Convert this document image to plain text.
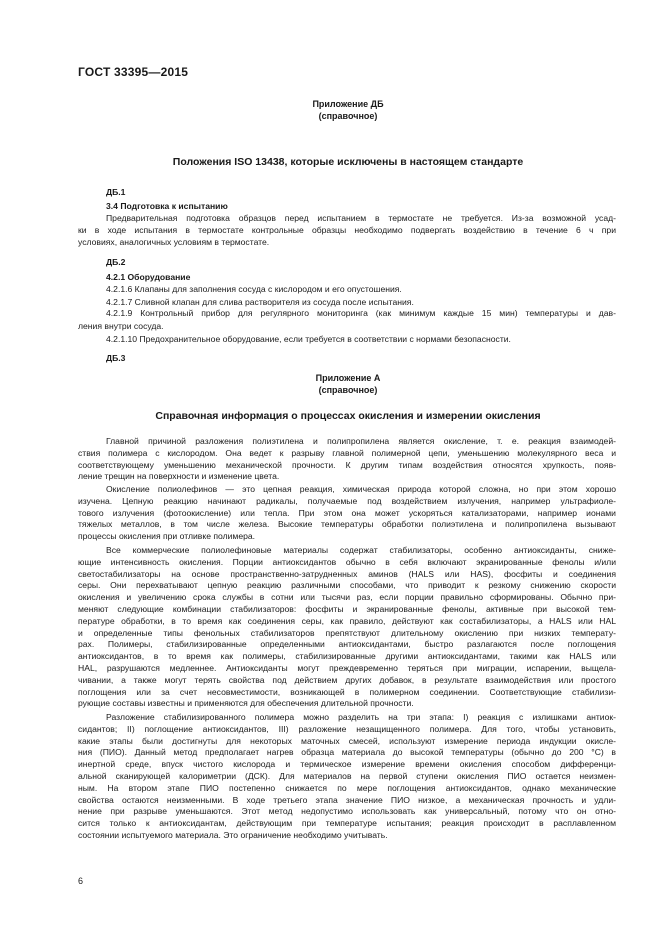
ГОСТ 33395—2015
Приложение ДБ
(справочное)
Положения ISO 13438, которые исключены в настоящем стандарте
ДБ.1
3.4 Подготовка к испытанию

Предварительная подготовка образцов перед испытанием в термостате не требуется. Из-за возможной усад-
ки в ходе испытания в термостате контрольные образцы необходимо подвергать воздействию в течение 6 ч при
условиях, аналогичных условиям в термостате.

ДБ.2
4.2.1 Оборудование
4.2.1.6 Клапаны для заполнения сосуда с кислородом и его опустошения.
4.2.1.7 Сливной клапан для слива растворителя из сосуда после испытания.

4.2.1.9 Контрольный прибор для регулярного мониторинга (как минимум каждые 15 мин) температуры и дав-

ления внутри сосуда.
4.2.1.10 Предохранительное оборудование, если требуется в соответствии с нормами безопасности.
ДБ.3
Приложение А
(справочное)
Справочная информация о процессах окисления и измерении окисления

Главной причиной разложения полиэтилена и полипропилена является окисление, т. е. реакция взаимодей-
ствия полимера с кислородом. Она ведет к разрыву главной полимерной цепи, уменьшению молекулярного веса и
соответствующему уменьшению механической прочности. К другим типам воздействия относятся хрупкость, появ-
ление трещин на поверхности и изменение цвета.

Окисление полиолефинов — это цепная реакция, химическая природа которой сложна, но при этом хорошо
изучена. Цепную реакцию начинают радикалы, получаемые под воздействием излучения, например ультрафиоле-
тового излучения (фотоокисление) или тепла. При этом она может ускоряться катализаторами, например ионами
тяжелых металлов, в том числе железа. Высокие температуры обработки полиэтилена и полипропилена вызывают
процессы окисления при отливке полимера.

Все коммерческие полиолефиновые материалы содержат стабилизаторы, особенно антиоксиданты, сниже-
ющие интенсивность окисления. Порции антиоксидантов обычно в себя включают экранированные фенолы и/или
светостабилизаторы на основе пространственно-затрудненных аминов (HALS или HAS), фосфиты и соединения
серы. Они перехватывают цепную реакцию различными способами, что приводит к резкому снижению скорости
окисления и увеличению срока службы в сотни или тысячи раз, если порции правильно сформированы. Обычно при-
меняют следующие комбинации стабилизаторов: фосфиты и экранированные фенолы, активные при высокой тем-
пературе обработки, в то время как соединения серы, как правило, действуют как состабилизаторы, а HALS или HAL
и определенные типы фенольных стабилизаторов препятствуют длительному окислению при низких температу-
рах. Полимеры, стабилизированные определенными антиоксидантами, быстро разлагаются после поглощения
антиоксидантов, в то время как полимеры, стабилизированные другими антиоксидантами, такими как HALS или
HAL, разрушаются медленнее. Антиоксиданты могут преждевременно теряться при миграции, испарении, выщела-
чивании, а также могут терять свойства под действием других добавок, в результате взаимодействия или простого
поглощения или за счет несовместимости, возникающей в полимерном соединении. Соответствующие стабилизи-
рующие составы известны и применяются для обеспечения длительной прочности.

Разложение стабилизированного полимера можно разделить на три этапа: I) реакция с излишками антиок-
сидантов; II) поглощение антиоксидантов, III) разложение незащищенного полимера. Для того, чтобы установить,
какие этапы были достигнуты для некоторых маточных смесей, используют измерение периода индукции окисле-
ния (ПИО). Данный метод предполагает нагрев образца материала до высокой температуры (обычно до 200 °С) в
инертной среде, впуск чистого кислорода и термическое измерение времени окисления способом дифференци-
альной сканирующей калориметрии (ДСК). Для материалов на первой ступени окисления ПИО остается неизмен-
ным. На втором этапе ПИО постепенно снижается по мере поглощения антиоксидантов, однако механические
свойства остаются неизменными. В ходе третьего этапа значение ПИО низкое, а механическая прочность и удли-
нение при разрыве уменьшаются. Этот метод недопустимо использовать как универсальный, потому что он отно-
сится только к антиоксидантам, действующим при температуре испытания; реакция происходит в расплавленном
состоянии испытуемого материала. Это ограничение необходимо учитывать.

6
